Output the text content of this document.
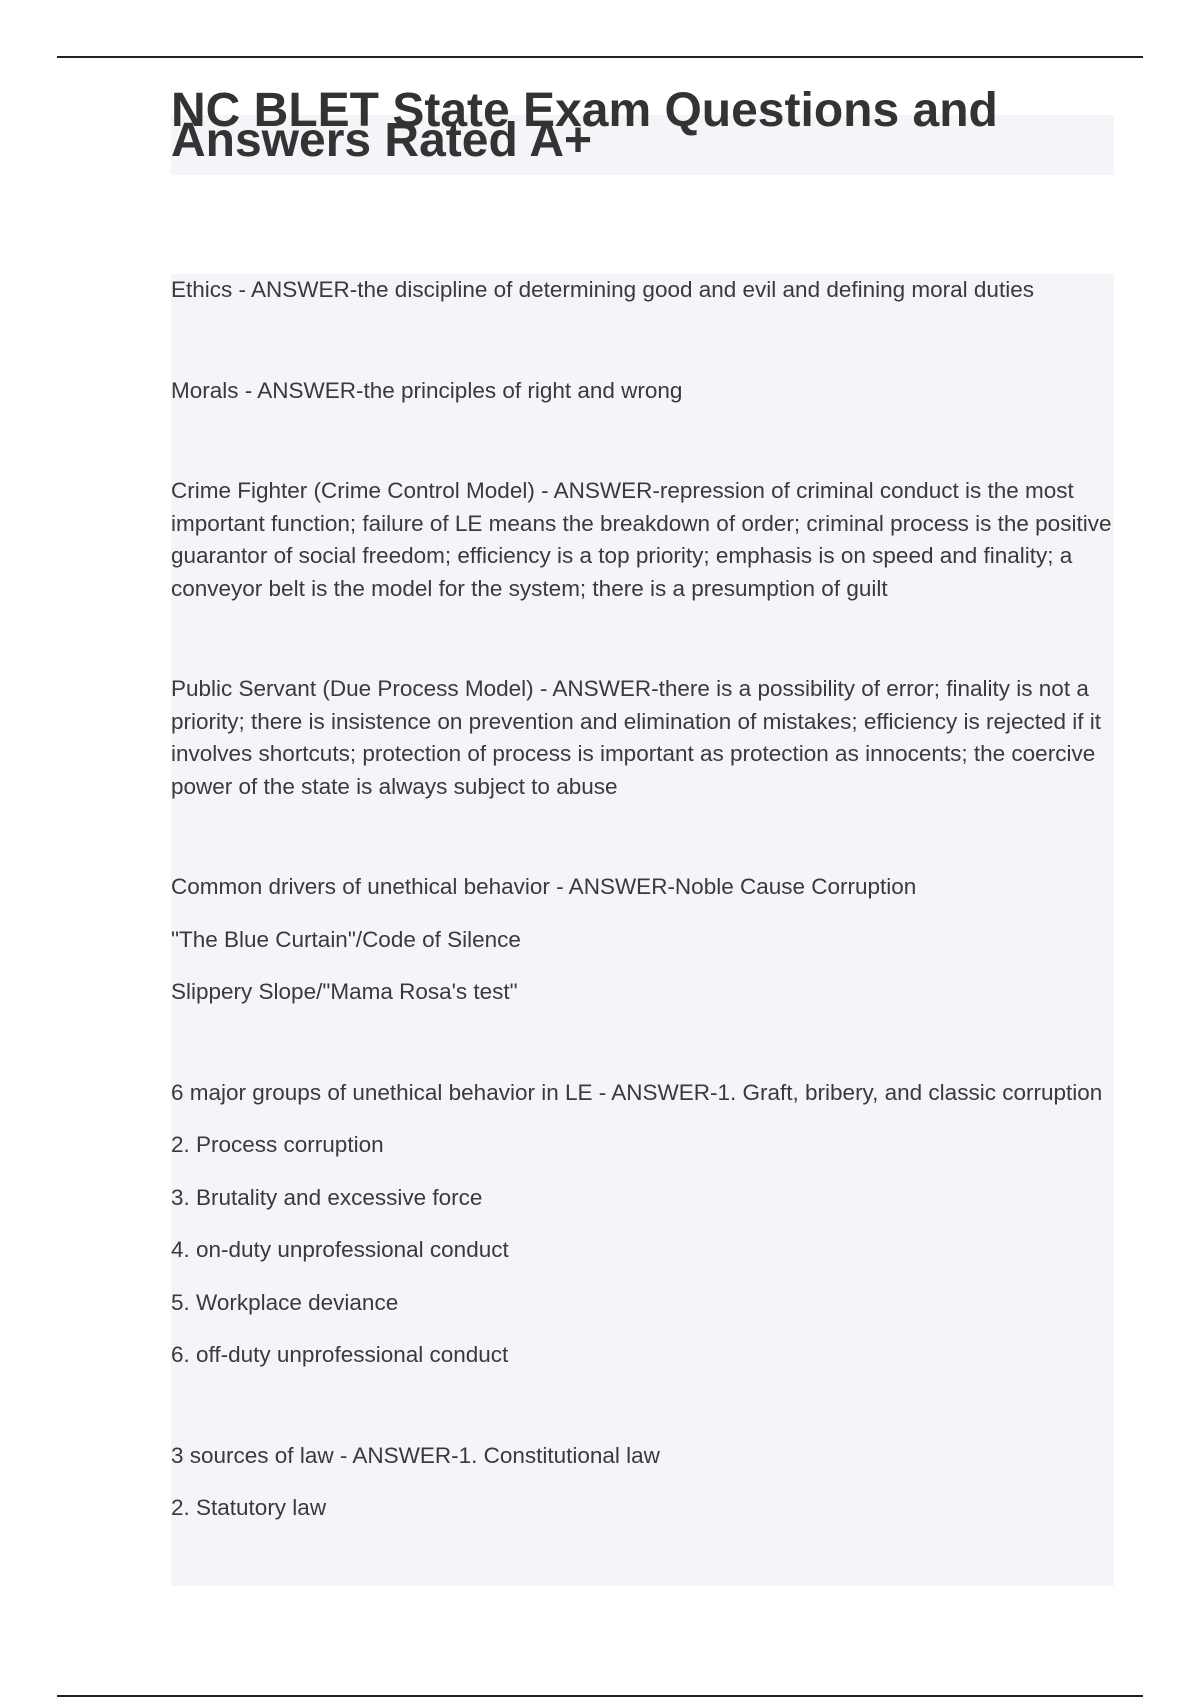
NC BLET State Exam Questions and Answers Rated A+

Ethics - ANSWER-the discipline of determining good and evil and defining moral duties

Morals - ANSWER-the principles of right and wrong

Crime Fighter (Crime Control Model) - ANSWER-repression of criminal conduct is the most important function; failure of LE means the breakdown of order; criminal process is the positive guarantor of social freedom; efficiency is a top priority; emphasis is on speed and finality; a conveyor belt is the model for the system; there is a presumption of guilt

Public Servant (Due Process Model) - ANSWER-there is a possibility of error; finality is not a priority; there is insistence on prevention and elimination of mistakes; efficiency is rejected if it involves shortcuts; protection of process is important as protection as innocents; the coercive power of the state is always subject to abuse

Common drivers of unethical behavior - ANSWER-Noble Cause Corruption

"The Blue Curtain"/Code of Silence

Slippery Slope/"Mama Rosa's test"

6 major groups of unethical behavior in LE - ANSWER-1. Graft, bribery, and classic corruption

2. Process corruption

3. Brutality and excessive force

4. on-duty unprofessional conduct

5. Workplace deviance

6. off-duty unprofessional conduct

3 sources of law - ANSWER-1. Constitutional law

2. Statutory law
